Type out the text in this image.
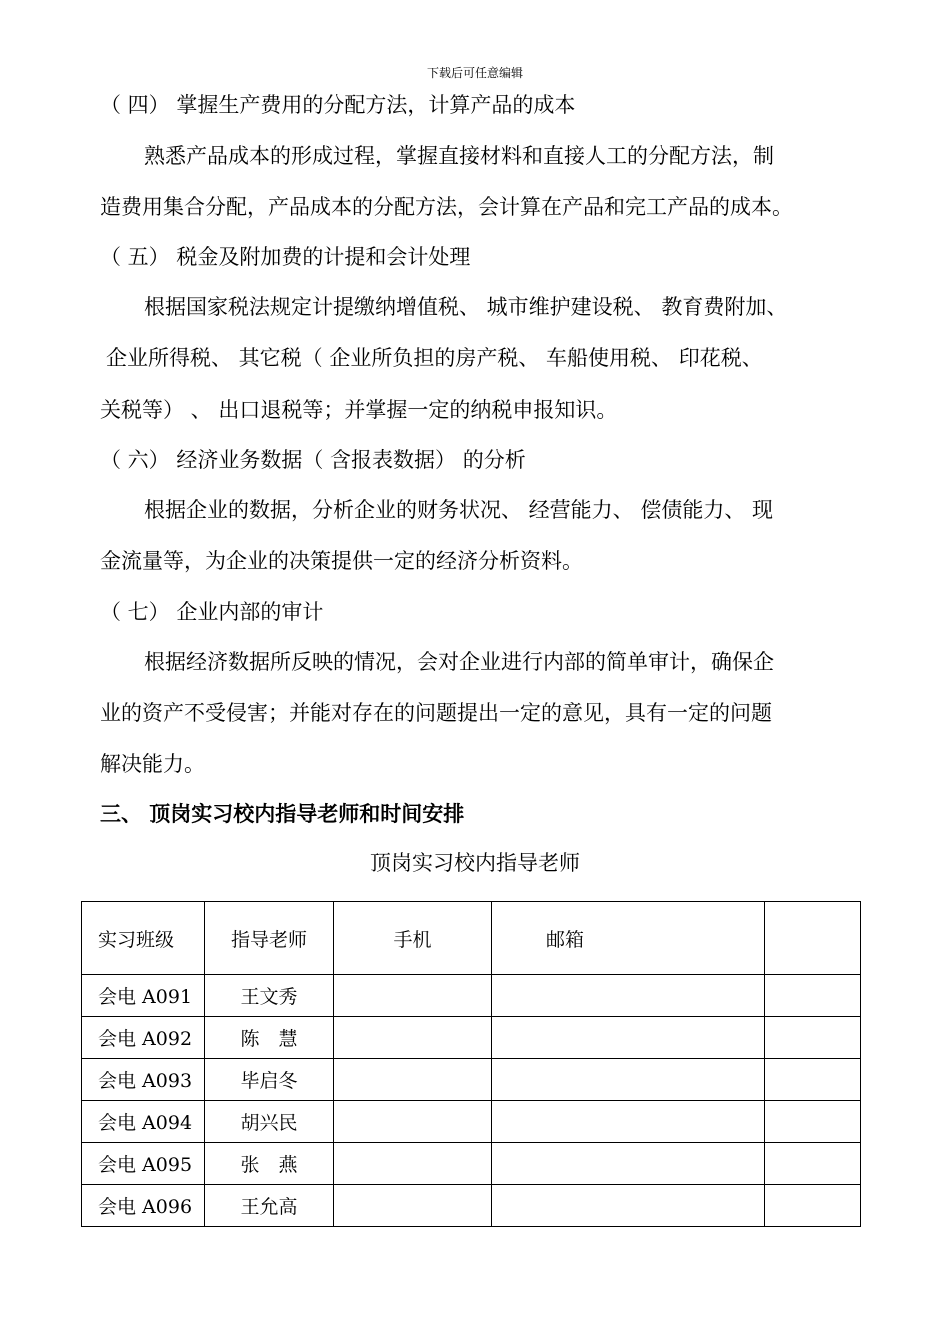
下载后可任意编辑
（ 四） 掌握生产费用的分配方法，计算产品的成本
熟悉产品成本的形成过程，掌握直接材料和直接人工的分配方法，制
造费用集合分配，产品成本的分配方法，会计算在产品和完工产品的成本。
（ 五） 税金及附加费的计提和会计处理
根据国家税法规定计提缴纳增值税、 城市维护建设税、 教育费附加、
企业所得税、 其它税（ 企业所负担的房产税、 车船使用税、 印花税、
关税等） 、 出口退税等；并掌握一定的纳税申报知识。
（ 六） 经济业务数据（ 含报表数据） 的分析
根据企业的数据，分析企业的财务状况、 经营能力、 偿债能力、 现
金流量等，为企业的决策提供一定的经济分析资料。
（ 七） 企业内部的审计
根据经济数据所反映的情况，会对企业进行内部的简单审计，确保企
业的资产不受侵害；并能对存在的问题提出一定的意见，具有一定的问题
解决能力。
三、 顶岗实习校内指导老师和时间安排
顶岗实习校内指导老师
实习班级	指导老师	手机	邮箱	
会电 A091	王文秀			
会电 A092	陈　慧			
会电 A093	毕启冬			
会电 A094	胡兴民			
会电 A095	张　燕			
会电 A096	王允高			
